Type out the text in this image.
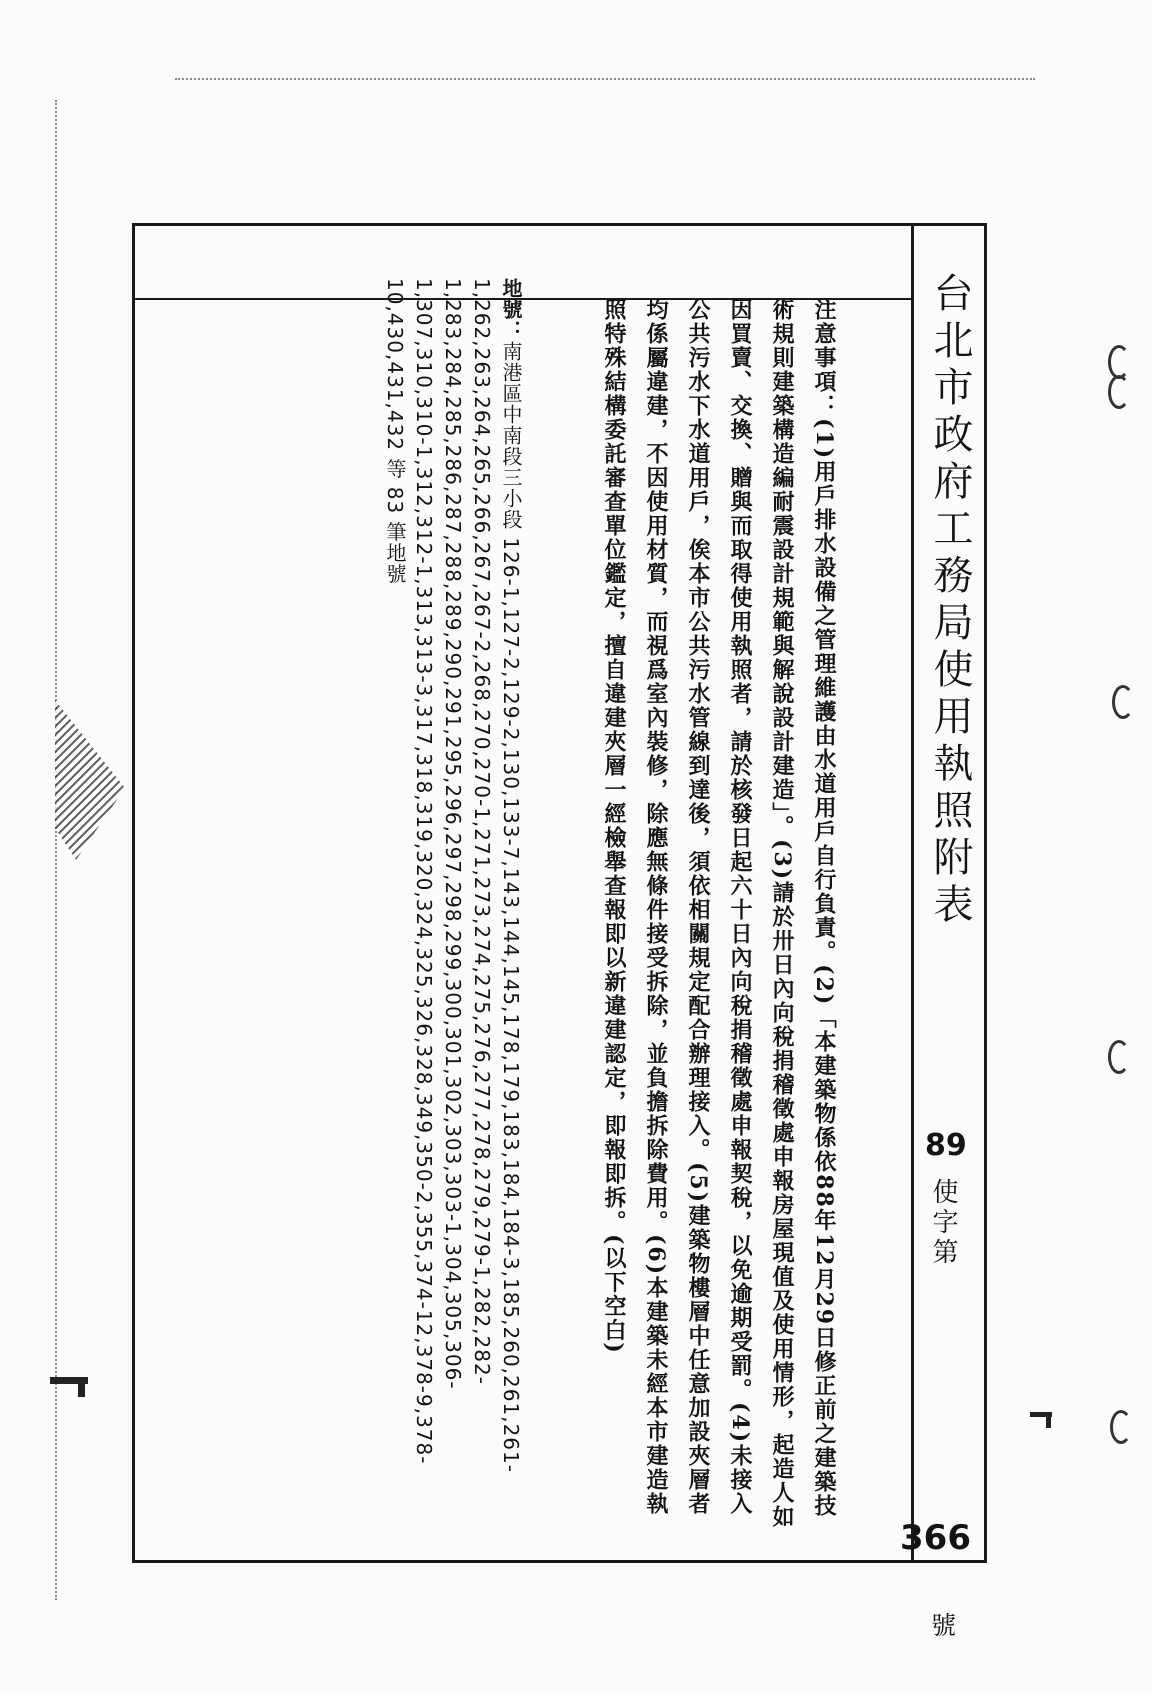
台北市政府工務局使用執照附表
89
使字第
366
號
注意事項：(1)用戶排水設備之管理維護由水道用戶自行負責。(2)「本建築物係依88年12月29日修正前之建築技術規則建築構造編耐震設計規範與解說設計建造」。(3)請於卅日內向稅捐稽徵處申報房屋現值及使用情形，起造人如因買賣、交換、贈與而取得使用執照者，請於核發日起六十日內向稅捐稽徵處申報契稅，以免逾期受罰。(4)未接入公共污水下水道用戶，俟本市公共污水管線到達後，須依相關規定配合辦理接入。(5)建築物樓層中任意加設夾層者均係屬違建，不因使用材質，而視爲室內裝修，除應無條件接受拆除，並負擔拆除費用。(6)本建築未經本市建造執照特殊結構委託審查單位鑑定，擅自違建夾層一經檢舉查報即以新違建認定，即報即拆。(以下空白)
地號：南港區中南段三小段 126-1,127-2,129-2,130,133-7,143,144,145,178,179,183,184,184-3,185,260,261,261-1,262,263,264,265,266,267,267-2,268,270,270-1,271,273,274,275,276,277,278,279,279-1,282,282-1,283,284,285,286,287,288,289,290,291,295,296,297,298,299,300,301,302,303,303-1,304,305,306-1,307,310,310-1,312,312-1,313,313-3,317,318,319,320,324,325,326,328,349,350-2,355,374-12,378-9,378-10,430,431,432 等 83 筆地號
